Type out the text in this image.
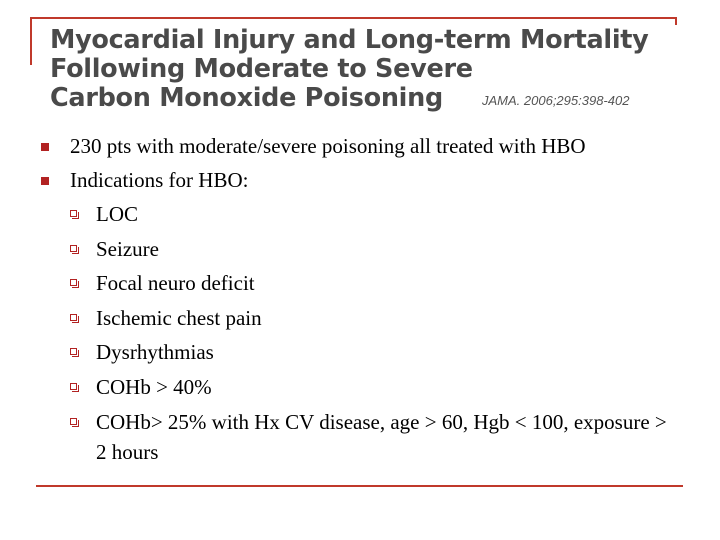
Myocardial Injury and Long-term Mortality
Following Moderate to Severe
Carbon Monoxide Poisoning	JAMA. 2006;295:398-402
230 pts with moderate/severe poisoning all treated with HBO
Indications for HBO:
LOC
Seizure
Focal neuro deficit
Ischemic chest pain
Dysrhythmias
COHb > 40%
COHb> 25% with Hx CV disease, age > 60, Hgb < 100, exposure > 2 hours
